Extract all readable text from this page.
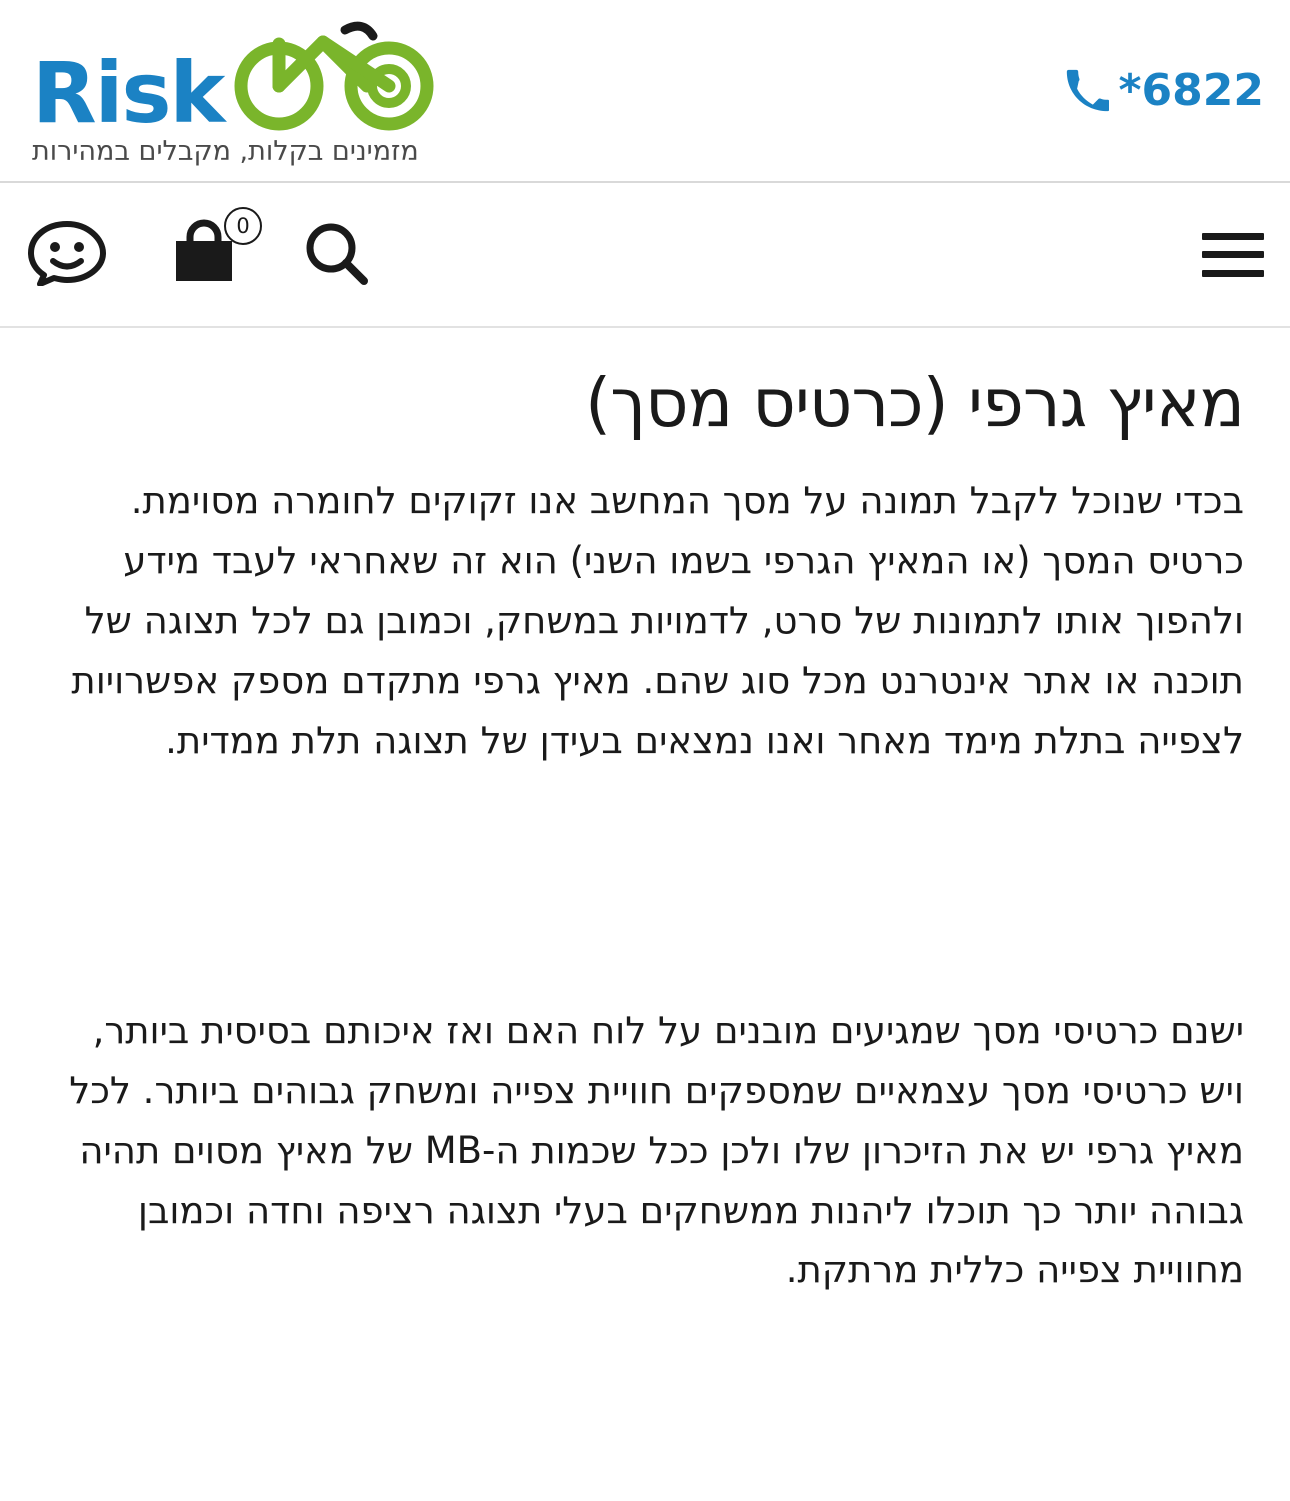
*6822
Risk
מזמינים בקלות, מקבלים במהירות
0
מאיץ גרפי (כרטיס מסך)

בכדי שנוכל לקבל תמונה על מסך המחשב אנו זקוקים לחומרה מסוימת. כרטיס המסך (או המאיץ הגרפי בשמו השני) הוא זה שאחראי לעבד מידע ולהפוך אותו לתמונות של סרט, לדמויות במשחק, וכמובן גם לכל תצוגה של תוכנה או אתר אינטרנט מכל סוג שהם. מאיץ גרפי מתקדם מספק אפשרויות לצפייה בתלת מימד מאחר ואנו נמצאים בעידן של תצוגה תלת ממדית.

ישנם כרטיסי מסך שמגיעים מובנים על לוח האם ואז איכותם בסיסית ביותר, ויש כרטיסי מסך עצמאיים שמספקים חוויית צפייה ומשחק גבוהים ביותר. לכל מאיץ גרפי יש את הזיכרון שלו ולכן ככל שכמות ה-MB של מאיץ מסוים תהיה גבוהה יותר כך תוכלו ליהנות ממשחקים בעלי תצוגה רציפה וחדה וכמובן מחוויית צפייה כללית מרתקת.
